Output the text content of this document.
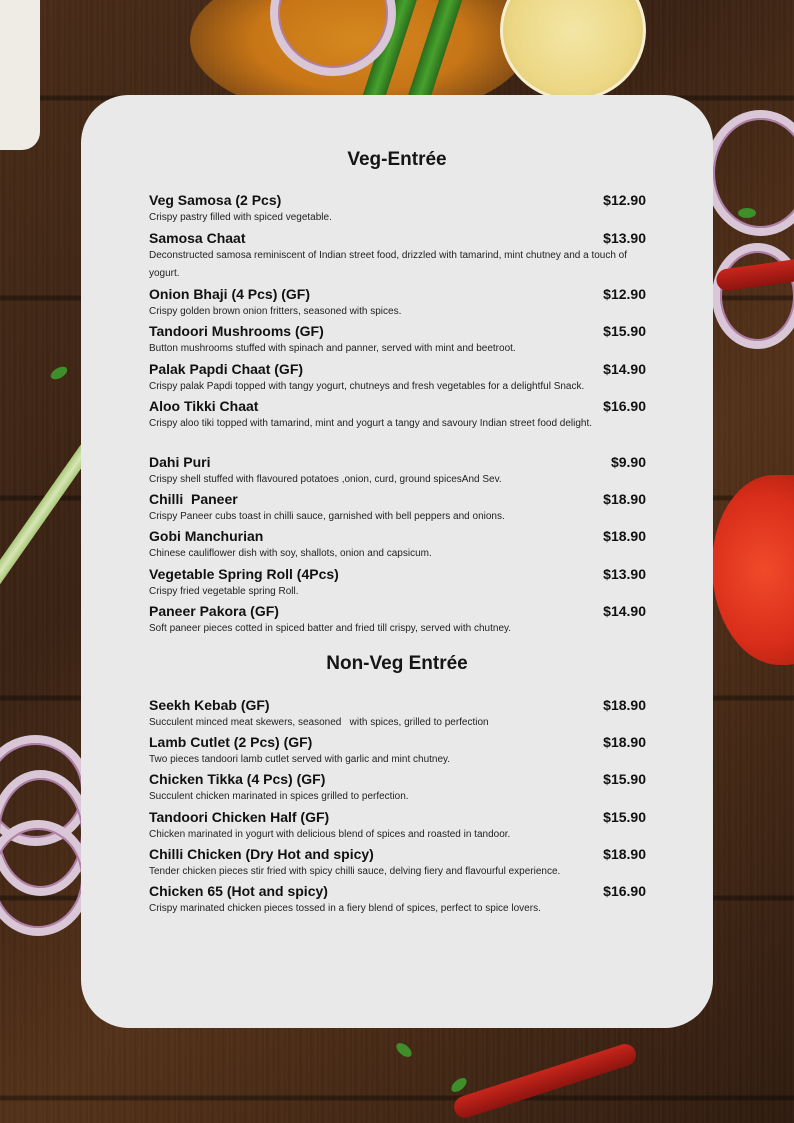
Veg-Entrée
Veg Samosa (2 Pcs)	$12.90
Crispy pastry filled with spiced vegetable.
Samosa Chaat	$13.90
Deconstructed samosa reminiscent of Indian street food, drizzled with tamarind, mint chutney and a touch of yogurt.
Onion Bhaji (4 Pcs) (GF)	$12.90
Crispy golden brown onion fritters, seasoned with spices.
Tandoori Mushrooms (GF)	$15.90
Button mushrooms stuffed with spinach and panner, served with mint and beetroot.
Palak Papdi Chaat (GF)	$14.90
Crispy palak Papdi topped with tangy yogurt, chutneys and fresh vegetables for a delightful Snack.
Aloo Tikki Chaat	$16.90
Crispy aloo tiki topped with tamarind, mint and yogurt a tangy and savoury Indian street food delight.
Dahi Puri	$9.90
Crispy shell stuffed with flavoured potatoes ,onion, curd, ground spicesAnd Sev.
Chilli  Paneer	$18.90
Crispy Paneer cubs toast in chilli sauce, garnished with bell peppers and onions.
Gobi Manchurian	$18.90
Chinese cauliflower dish with soy, shallots, onion and capsicum.
Vegetable Spring Roll (4Pcs)	$13.90
Crispy fried vegetable spring Roll.
Paneer Pakora (GF)	$14.90
Soft paneer pieces cotted in spiced batter and fried till crispy, served with chutney.
Non-Veg Entrée
Seekh Kebab (GF)	$18.90
Succulent minced meat skewers, seasoned   with spices, grilled to perfection
Lamb Cutlet (2 Pcs) (GF)	$18.90
Two pieces tandoori lamb cutlet served with garlic and mint chutney.
Chicken Tikka (4 Pcs) (GF)	$15.90
Succulent chicken marinated in spices grilled to perfection.
Tandoori Chicken Half (GF)	$15.90
Chicken marinated in yogurt with delicious blend of spices and roasted in tandoor.
Chilli Chicken (Dry Hot and spicy)	$18.90
Tender chicken pieces stir fried with spicy chilli sauce, delving fiery and flavourful experience.
Chicken 65 (Hot and spicy)	$16.90
Crispy marinated chicken pieces tossed in a fiery blend of spices, perfect to spice lovers.
